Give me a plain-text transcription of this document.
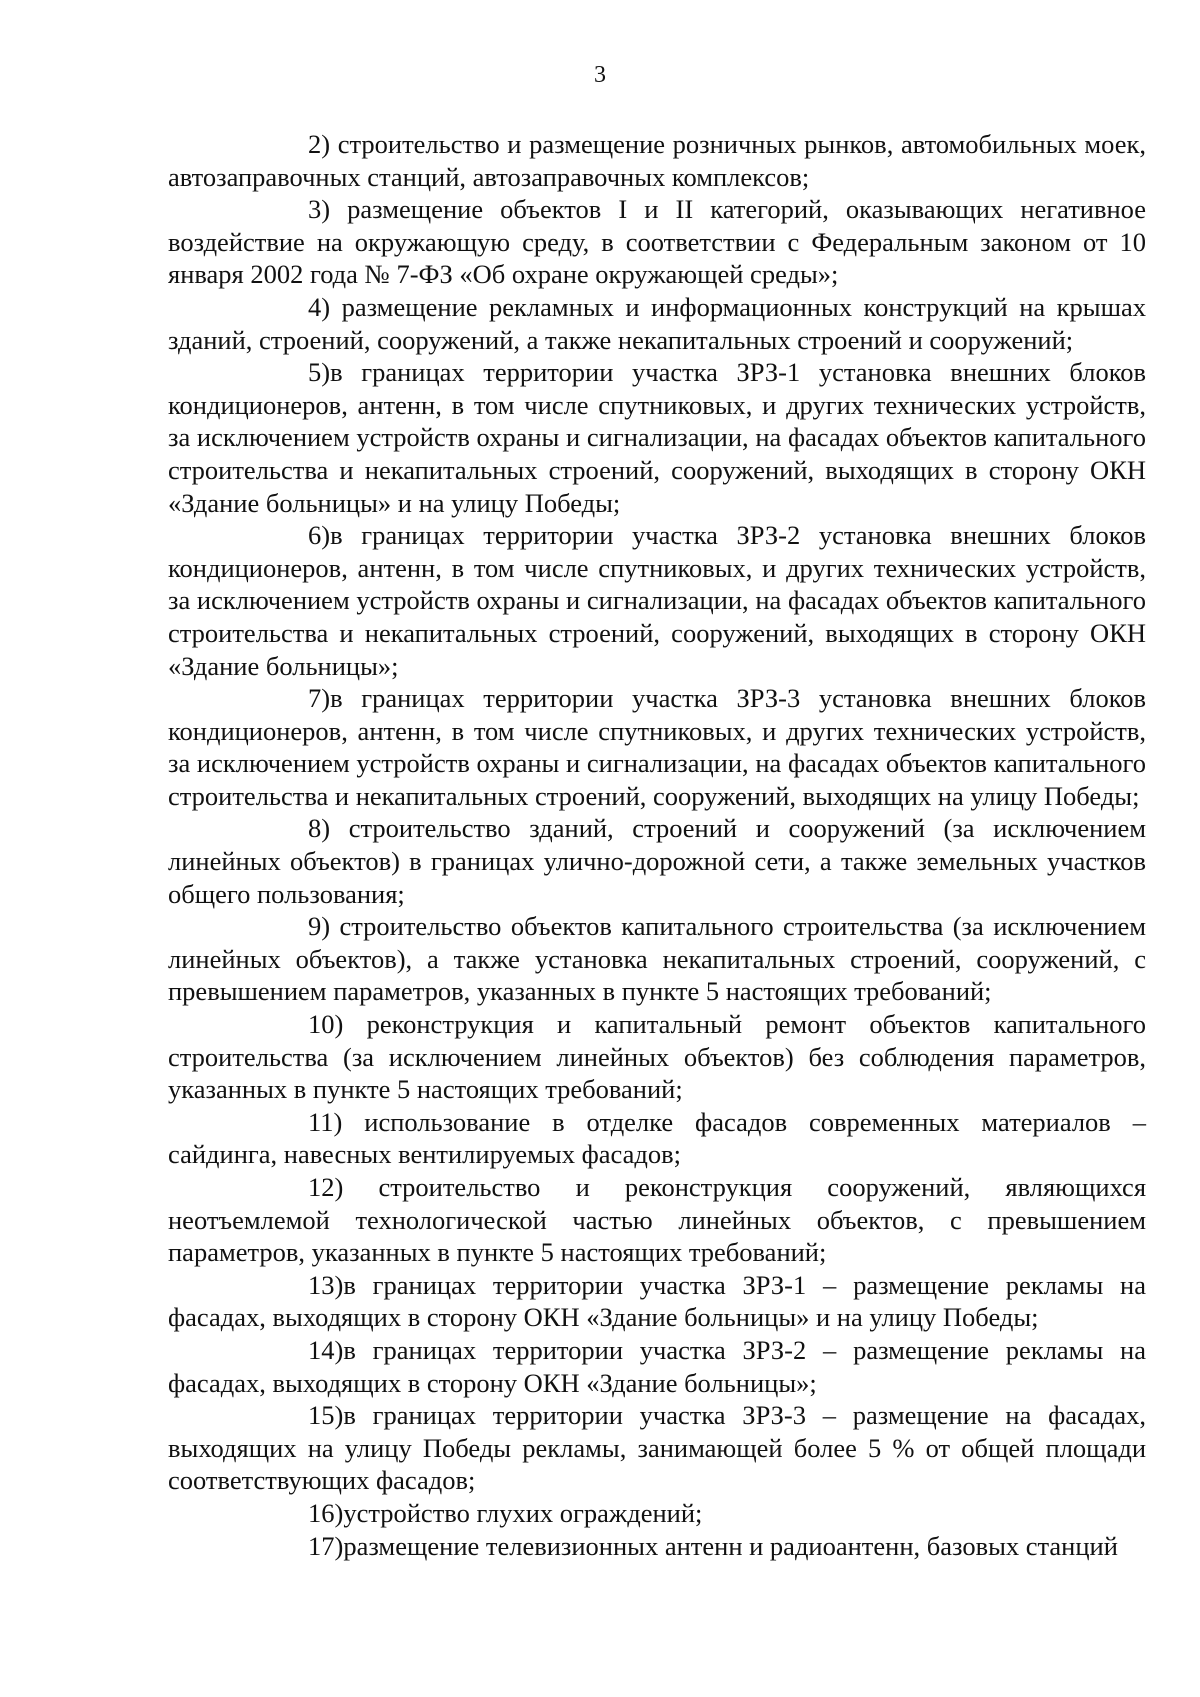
3

2) строительство и размещение розничных рынков, автомобильных моек, автозаправочных станций, автозаправочных комплексов;

3) размещение объектов I и II категорий, оказывающих негативное воздействие на окружающую среду, в соответствии с Федеральным законом от 10 января 2002 года № 7-ФЗ «Об охране окружающей среды»;

4) размещение рекламных и информационных конструкций на крышах зданий, строений, сооружений, а также некапитальных строений и сооружений;

5)в границах территории участка ЗРЗ-1 установка внешних блоков кондиционеров, антенн, в том числе спутниковых, и других технических устройств, за исключением устройств охраны и сигнализации, на фасадах объектов капитального строительства и некапитальных строений, сооружений, выходящих в сторону ОКН «Здание больницы» и на улицу Победы;

6)в границах территории участка ЗРЗ-2 установка внешних блоков кондиционеров, антенн, в том числе спутниковых, и других технических устройств, за исключением устройств охраны и сигнализации, на фасадах объектов капитального строительства и некапитальных строений, сооружений, выходящих в сторону ОКН «Здание больницы»;

7)в границах территории участка ЗРЗ-3 установка внешних блоков кондиционеров, антенн, в том числе спутниковых, и других технических устройств, за исключением устройств охраны и сигнализации, на фасадах объектов капитального строительства и некапитальных строений, сооружений, выходящих на улицу Победы;

8) строительство зданий, строений и сооружений (за исключением линейных объектов) в границах улично-дорожной сети, а также земельных участков общего пользования;

9) строительство объектов капитального строительства (за исключением линейных объектов), а также установка некапитальных строений, сооружений, с превышением параметров, указанных в пункте 5 настоящих требований;

10) реконструкция и капитальный ремонт объектов капитального строительства (за исключением линейных объектов) без соблюдения параметров, указанных в пункте 5 настоящих требований;

11) использование в отделке фасадов современных материалов – сайдинга, навесных вентилируемых фасадов;

12) строительство и реконструкция сооружений, являющихся неотъемлемой технологической частью линейных объектов, с превышением параметров, указанных в пункте 5 настоящих требований;

13)в границах территории участка ЗРЗ-1 – размещение рекламы на фасадах, выходящих в сторону ОКН «Здание больницы» и на улицу Победы;

14)в границах территории участка ЗРЗ-2 – размещение рекламы на фасадах, выходящих в сторону ОКН «Здание больницы»;

15)в границах территории участка ЗРЗ-3 – размещение на фасадах, выходящих на улицу Победы рекламы, занимающей более 5 % от общей площади соответствующих фасадов;

16)устройство глухих ограждений;

17)размещение телевизионных антенн и радиоантенн, базовых станций
